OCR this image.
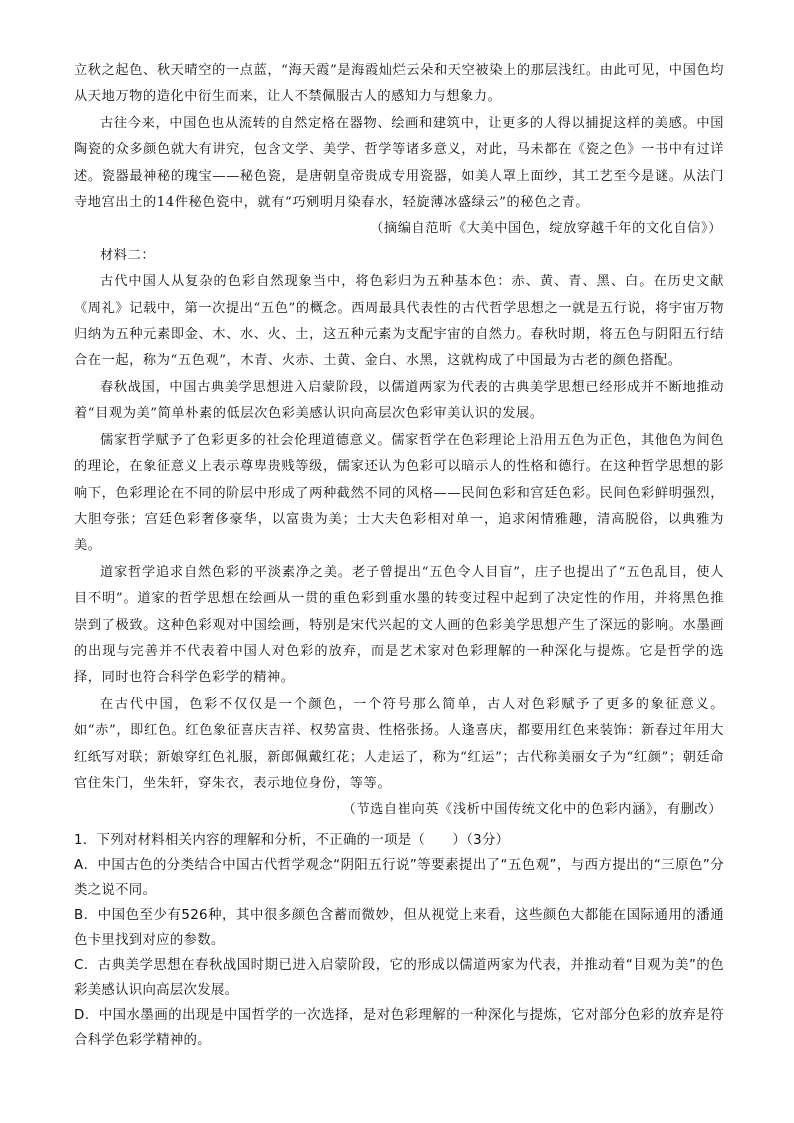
立秋之起色、秋天晴空的一点蓝，“海天霞”是海霞灿烂云朵和天空被染上的那层浅红。由此可见，中国色均从天地万物的造化中衍生而来，让人不禁佩服古人的感知力与想象力。

古往今来，中国色也从流转的自然定格在器物、绘画和建筑中，让更多的人得以捕捉这样的美感。中国陶瓷的众多颜色就大有讲究，包含文学、美学、哲学等诸多意义，对此，马未都在《瓷之色》一书中有过详述。瓷器最神秘的瑰宝——秘色瓷，是唐朝皇帝贵成专用瓷器，如美人罩上面纱，其工艺至今是谜。从法门寺地宫出土的14件秘色瓷中，就有“巧剜明月染春水，轻旋薄冰盛绿云”的秘色之青。

（摘编自范昕《大美中国色，绽放穿越千年的文化自信》）

材料二：

古代中国人从复杂的色彩自然现象当中，将色彩归为五种基本色：赤、黄、青、黑、白。在历史文献《周礼》记载中，第一次提出“五色”的概念。西周最具代表性的古代哲学思想之一就是五行说，将宇宙万物归纳为五种元素即金、木、水、火、土，这五种元素为支配宇宙的自然力。春秋时期，将五色与阴阳五行结合在一起，称为“五色观”，木青、火赤、土黄、金白、水黑，这就构成了中国最为古老的颜色搭配。

春秋战国，中国古典美学思想进入启蒙阶段，以儒道两家为代表的古典美学思想已经形成并不断地推动着“目观为美”简单朴素的低层次色彩美感认识向高层次色彩审美认识的发展。

儒家哲学赋予了色彩更多的社会伦理道德意义。儒家哲学在色彩理论上沿用五色为正色，其他色为间色的理论，在象征意义上表示尊卑贵贱等级，儒家还认为色彩可以暗示人的性格和德行。在这种哲学思想的影响下，色彩理论在不同的阶层中形成了两种截然不同的风格——民间色彩和宫廷色彩。民间色彩鲜明强烈，大胆夸张；宫廷色彩奢侈豪华，以富贵为美；士大夫色彩相对单一，追求闲情雅趣，清高脱俗，以典雅为美。

道家哲学追求自然色彩的平淡素净之美。老子曾提出“五色令人目盲”，庄子也提出了“五色乱目，使人目不明”。道家的哲学思想在绘画从一贯的重色彩到重水墨的转变过程中起到了决定性的作用，并将黑色推崇到了极致。这种色彩观对中国绘画，特别是宋代兴起的文人画的色彩美学思想产生了深远的影响。水墨画的出现与完善并不代表着中国人对色彩的放弃，而是艺术家对色彩理解的一种深化与提炼。它是哲学的选择，同时也符合科学色彩学的精神。

在古代中国，色彩不仅仅是一个颜色，一个符号那么简单，古人对色彩赋予了更多的象征意义。如“赤”，即红色。红色象征喜庆吉祥、权势富贵、性格张扬。人逢喜庆，都要用红色来装饰：新春过年用大红纸写对联；新娘穿红色礼服，新郎佩戴红花；人走运了，称为“红运”；古代称美丽女子为“红颜”；朝廷命官住朱门，坐朱轩，穿朱衣，表示地位身份，等等。

（节选自崔向英《浅析中国传统文化中的色彩内涵》，有删改）

1．下列对材料相关内容的理解和分析，不正确的一项是（　　）（3分）

A．中国古色的分类结合中国古代哲学观念“阴阳五行说”等要素提出了“五色观”，与西方提出的“三原色”分类之说不同。

B．中国色至少有526种，其中很多颜色含蓄而微妙，但从视觉上来看，这些颜色大都能在国际通用的潘通色卡里找到对应的参数。

C．古典美学思想在春秋战国时期已进入启蒙阶段，它的形成以儒道两家为代表，并推动着“目观为美”的色彩美感认识向高层次发展。

D．中国水墨画的出现是中国哲学的一次选择，是对色彩理解的一种深化与提炼，它对部分色彩的放弃是符合科学色彩学精神的。
